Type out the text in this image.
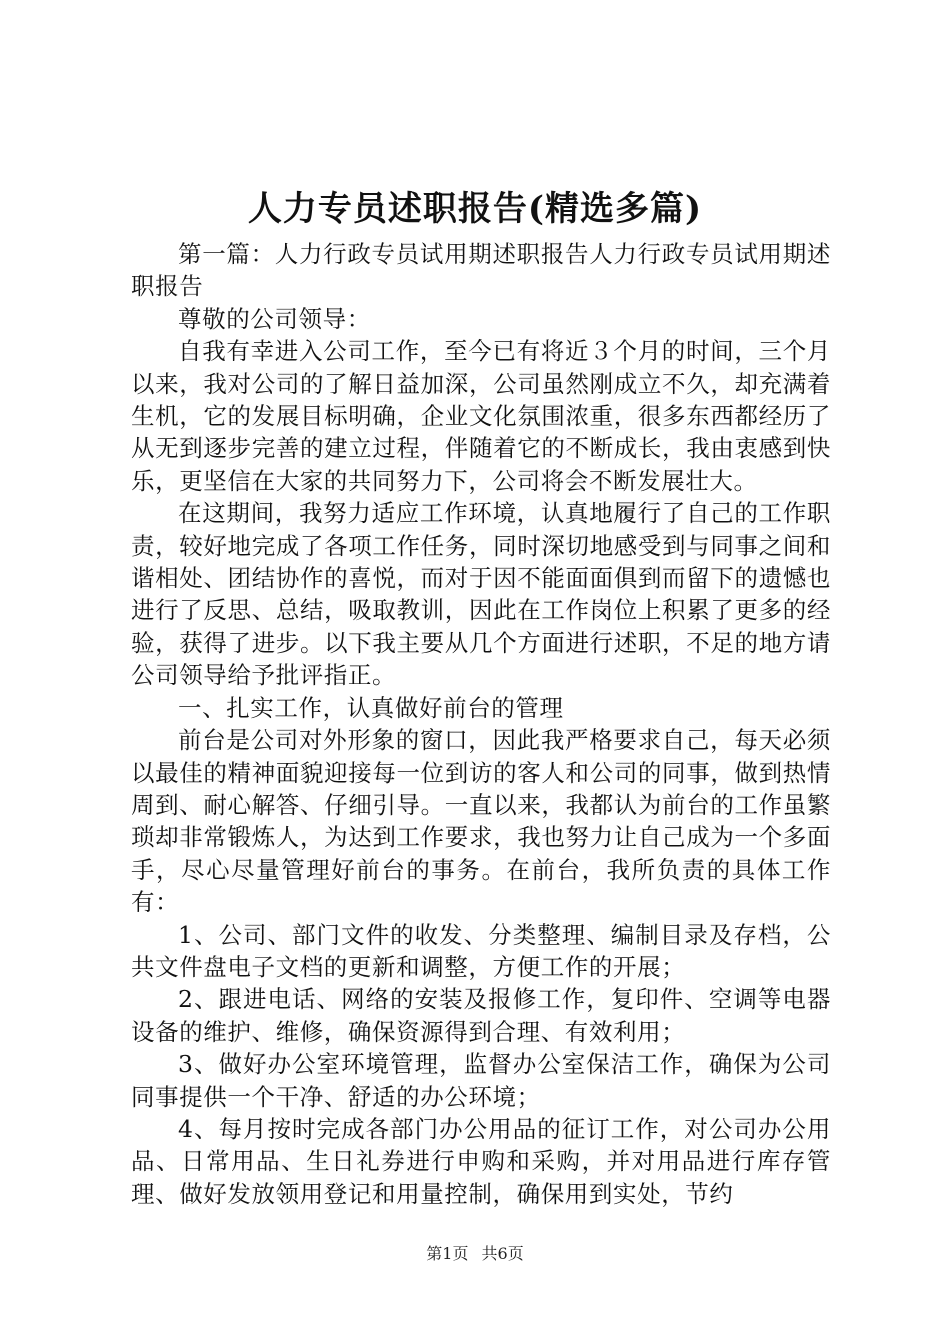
人力专员述职报告(精选多篇)

第一篇：人力行政专员试用期述职报告人力行政专员试用期述职报告

尊敬的公司领导：

自我有幸进入公司工作，至今已有将近３个月的时间，三个月以来，我对公司的了解日益加深，公司虽然刚成立不久，却充满着生机，它的发展目标明确，企业文化氛围浓重，很多东西都经历了从无到逐步完善的建立过程，伴随着它的不断成长，我由衷感到快乐，更坚信在大家的共同努力下，公司将会不断发展壮大。

在这期间，我努力适应工作环境，认真地履行了自己的工作职责，较好地完成了各项工作任务，同时深切地感受到与同事之间和谐相处、团结协作的喜悦，而对于因不能面面俱到而留下的遗憾也进行了反思、总结，吸取教训，因此在工作岗位上积累了更多的经验，获得了进步。以下我主要从几个方面进行述职，不足的地方请公司领导给予批评指正。

一、扎实工作，认真做好前台的管理

前台是公司对外形象的窗口，因此我严格要求自己，每天必须以最佳的精神面貌迎接每一位到访的客人和公司的同事，做到热情周到、耐心解答、仔细引导。一直以来，我都认为前台的工作虽繁琐却非常锻炼人，为达到工作要求，我也努力让自己成为一个多面手，尽心尽量管理好前台的事务。在前台，我所负责的具体工作有：

1、公司、部门文件的收发、分类整理、编制目录及存档，公共文件盘电子文档的更新和调整，方便工作的开展；

2、跟进电话、网络的安装及报修工作，复印件、空调等电器设备的维护、维修，确保资源得到合理、有效利用；

3、做好办公室环境管理，监督办公室保洁工作，确保为公司同事提供一个干净、舒适的办公环境；

4、每月按时完成各部门办公用品的征订工作，对公司办公用品、日常用品、生日礼券进行申购和采购，并对用品进行库存管理、做好发放领用登记和用量控制，确保用到实处，节约

第1页 共6页
